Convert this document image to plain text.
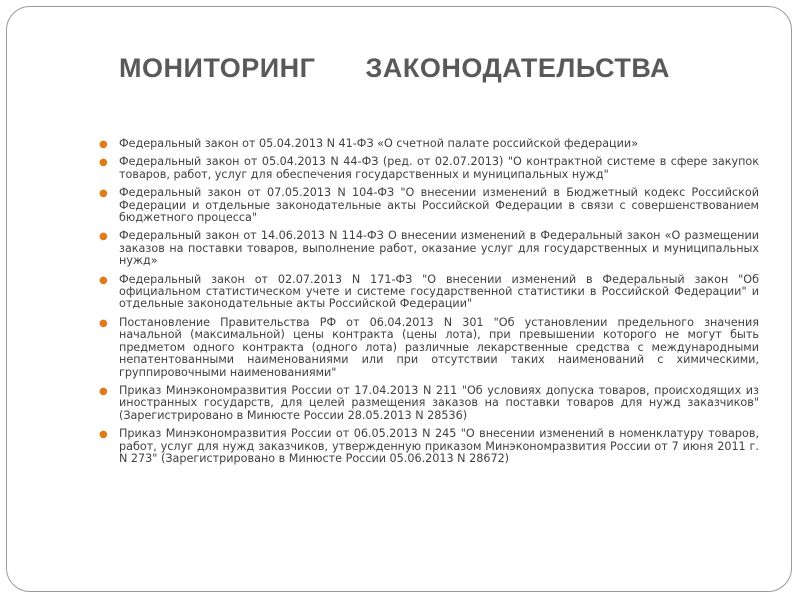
МОНИТОРИНГ ЗАКОНОДАТЕЛЬСТВА
● Федеральный закон от 05.04.2013 N 41-ФЗ «О счетной палате российской федерации»
● Федеральный закон от 05.04.2013 N 44-ФЗ (ред. от 02.07.2013) "О контрактной системе в сфере закупок товаров, работ, услуг для обеспечения государственных и муниципальных нужд"
● Федеральный закон от 07.05.2013 N 104-ФЗ "О внесении изменений в Бюджетный кодекс Российской Федерации и отдельные законодательные акты Российской Федерации в связи с совершенствованием бюджетного процесса"
● Федеральный закон от 14.06.2013 N 114-ФЗ О внесении изменений в Федеральный закон «О размещении заказов на поставки товаров, выполнение работ, оказание услуг для государственных и муниципальных нужд»
● Федеральный закон от 02.07.2013 N 171-ФЗ "О внесении изменений в Федеральный закон "Об официальном статистическом учете и системе государственной статистики в Российской Федерации" и отдельные законодательные акты Российской Федерации"
● Постановление Правительства РФ от 06.04.2013 N 301 "Об установлении предельного значения начальной (максимальной) цены контракта (цены лота), при превышении которого не могут быть предметом одного контракта (одного лота) различные лекарственные средства с международными непатентованными наименованиями или при отсутствии таких наименований с химическими, группировочными наименованиями"
● Приказ Минэкономразвития России от 17.04.2013 N 211 "Об условиях допуска товаров, происходящих из иностранных государств, для целей размещения заказов на поставки товаров для нужд заказчиков" (Зарегистрировано в Минюсте России 28.05.2013 N 28536)
● Приказ Минэкономразвития России от 06.05.2013 N 245 "О внесении изменений в номенклатуру товаров, работ, услуг для нужд заказчиков, утвержденную приказом Минэкономразвития России от 7 июня 2011 г. N 273" (Зарегистрировано в Минюсте России 05.06.2013 N 28672)
